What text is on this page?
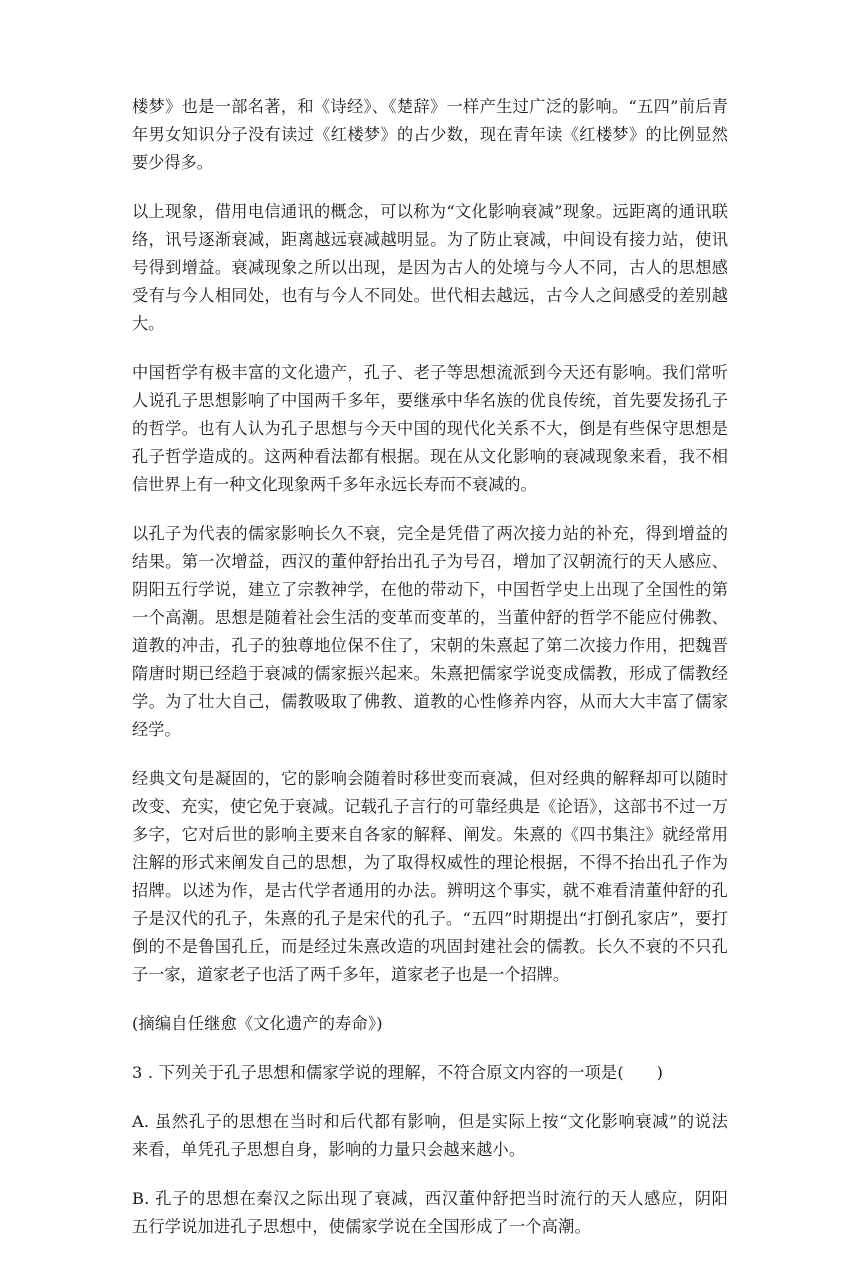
楼梦》也是一部名著，和《诗经》、《楚辞》一样产生过广泛的影响。“五四”前后青年男女知识分子没有读过《红楼梦》的占少数，现在青年读《红楼梦》的比例显然要少得多。

以上现象，借用电信通讯的概念，可以称为“文化影响衰减”现象。远距离的通讯联络，讯号逐渐衰减，距离越远衰减越明显。为了防止衰减，中间设有接力站，使讯号得到增益。衰减现象之所以出现，是因为古人的处境与今人不同，古人的思想感受有与今人相同处，也有与今人不同处。世代相去越远，古今人之间感受的差别越大。

中国哲学有极丰富的文化遗产，孔子、老子等思想流派到今天还有影响。我们常听人说孔子思想影响了中国两千多年，要继承中华名族的优良传统，首先要发扬孔子的哲学。也有人认为孔子思想与今天中国的现代化关系不大，倒是有些保守思想是孔子哲学造成的。这两种看法都有根据。现在从文化影响的衰减现象来看，我不相信世界上有一种文化现象两千多年永远长寿而不衰减的。

以孔子为代表的儒家影响长久不衰，完全是凭借了两次接力站的补充，得到增益的结果。第一次增益，西汉的董仲舒抬出孔子为号召，增加了汉朝流行的天人感应、阴阳五行学说，建立了宗教神学，在他的带动下，中国哲学史上出现了全国性的第一个高潮。思想是随着社会生活的变革而变革的，当董仲舒的哲学不能应付佛教、道教的冲击，孔子的独尊地位保不住了，宋朝的朱熹起了第二次接力作用，把魏晋隋唐时期已经趋于衰减的儒家振兴起来。朱熹把儒家学说变成儒教，形成了儒教经学。为了壮大自己，儒教吸取了佛教、道教的心性修养内容，从而大大丰富了儒家经学。

经典文句是凝固的，它的影响会随着时移世变而衰减，但对经典的解释却可以随时改变、充实，使它免于衰减。记载孔子言行的可靠经典是《论语》，这部书不过一万多字，它对后世的影响主要来自各家的解释、阐发。朱熹的《四书集注》就经常用注解的形式来阐发自己的思想，为了取得权威性的理论根据，不得不抬出孔子作为招牌。以述为作，是古代学者通用的办法。辨明这个事实，就不难看清董仲舒的孔子是汉代的孔子，朱熹的孔子是宋代的孔子。“五四”时期提出“打倒孔家店”，要打倒的不是鲁国孔丘，而是经过朱熹改造的巩固封建社会的儒教。长久不衰的不只孔子一家，道家老子也活了两千多年，道家老子也是一个招牌。

(摘编自任继愈《文化遗产的寿命》)

3 . 下列关于孔子思想和儒家学说的理解，不符合原文内容的一项是(　　)

A. 虽然孔子的思想在当时和后代都有影响，但是实际上按“文化影响衰减”的说法来看，单凭孔子思想自身，影响的力量只会越来越小。

B. 孔子的思想在秦汉之际出现了衰减，西汉董仲舒把当时流行的天人感应，阴阳五行学说加进孔子思想中，使儒家学说在全国形成了一个高潮。
